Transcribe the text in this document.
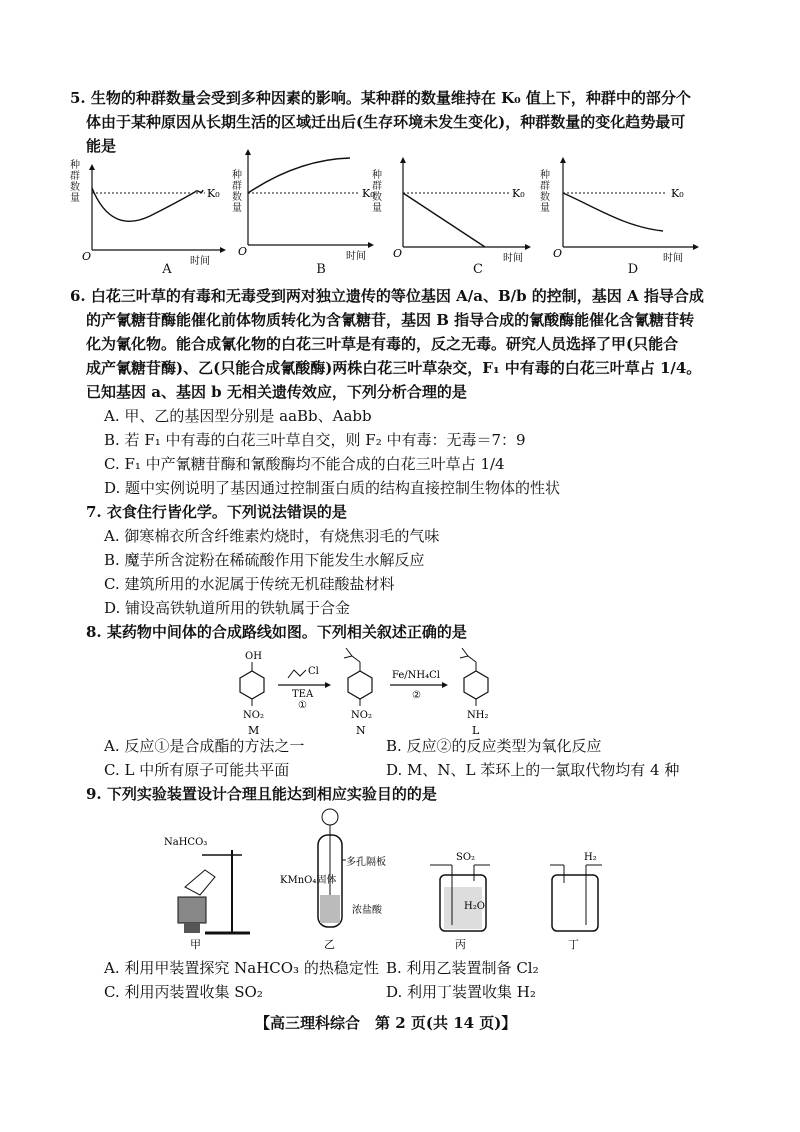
5. 生物的种群数量会受到多种因素的影响。某种群的数量维持在 K₀ 值上下，种群中的部分个
体由于某种原因从长期生活的区域迁出后(生存环境未发生变化)，种群数量的变化趋势最可
能是
K₀
O	时间
种群数量
A
K₀
O	时间
种群数量
B
K₀
O	时间
种群数量
C
K₀
O	时间
种群数量
D
6. 白花三叶草的有毒和无毒受到两对独立遗传的等位基因 A/a、B/b 的控制，基因 A 指导合成
的产氰糖苷酶能催化前体物质转化为含氰糖苷，基因 B 指导合成的氰酸酶能催化含氰糖苷转
化为氰化物。能合成氰化物的白花三叶草是有毒的，反之无毒。研究人员选择了甲(只能合
成产氰糖苷酶)、乙(只能合成氰酸酶)两株白花三叶草杂交，F₁ 中有毒的白花三叶草占 1/4。
已知基因 a、基因 b 无相关遗传效应，下列分析合理的是
A. 甲、乙的基因型分别是 aaBb、Aabb
B. 若 F₁ 中有毒的白花三叶草自交，则 F₂ 中有毒：无毒＝7：9
C. F₁ 中产氰糖苷酶和氰酸酶均不能合成的白花三叶草占 1/4
D. 题中实例说明了基因通过控制蛋白质的结构直接控制生物体的性状
7. 衣食住行皆化学。下列说法错误的是
A. 御寒棉衣所含纤维素灼烧时，有烧焦羽毛的气味
B. 魔芋所含淀粉在稀硫酸作用下能发生水解反应
C. 建筑所用的水泥属于传统无机硅酸盐材料
D. 铺设高铁轨道所用的铁轨属于合金
8. 某药物中间体的合成路线如图。下列相关叙述正确的是
OH
NO₂
M
Cl
TEA
①
NO₂
N
Fe/NH₄Cl
②
NH₂
L
A. 反应①是合成酯的方法之一	B. 反应②的反应类型为氧化反应
C. L 中所有原子可能共平面	D. M、N、L 苯环上的一氯取代物均有 4 种
9. 下列实验装置设计合理且能达到相应实验目的的是
NaHCO₃
甲
KMnO₄固体
多孔隔板
浓盐酸
乙
SO₂
H₂O
丙
H₂
丁
A. 利用甲装置探究 NaHCO₃ 的热稳定性 B. 利用乙装置制备 Cl₂
C. 利用丙装置收集 SO₂	D. 利用丁装置收集 H₂
【高三理科综合　第 2 页(共 14 页)】
